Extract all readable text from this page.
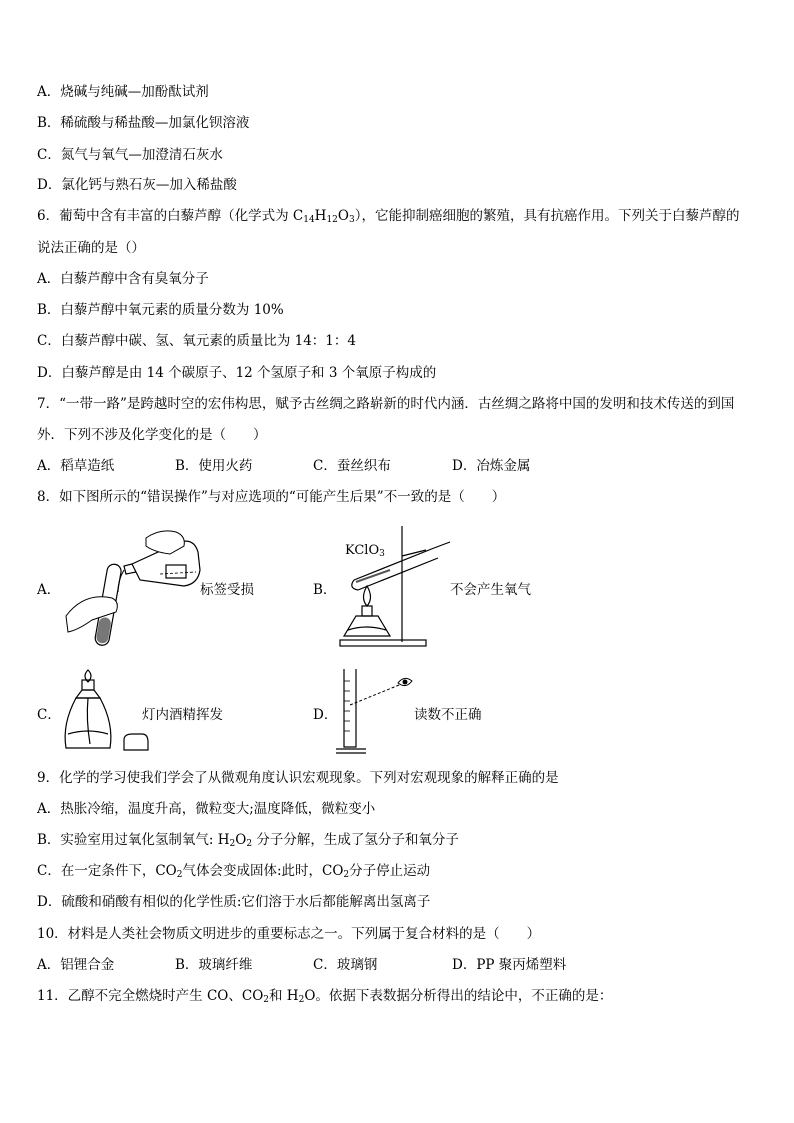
A．烧碱与纯碱—加酚酞试剂
B．稀硫酸与稀盐酸—加氯化钡溶液
C．氮气与氧气—加澄清石灰水
D．氯化钙与熟石灰—加入稀盐酸
6．葡萄中含有丰富的白藜芦醇（化学式为 $C_{14}H_{12}O_3$），它能抑制癌细胞的繁殖，具有抗癌作用。下列关于白藜芦醇的
说法正确的是（）
A．白藜芦醇中含有臭氧分子
B．白藜芦醇中氧元素的质量分数为 10%
C．白藜芦醇中碳、氢、氧元素的质量比为 14：1：4
D．白藜芦醇是由 14 个碳原子、12 个氢原子和 3 个氧原子构成的
7．“一带一路”是跨越时空的宏伟构思，赋予古丝绸之路崭新的时代内涵．古丝绸之路将中国的发明和技术传送的到国
外．下列不涉及化学变化的是（　　）
A．稻草造纸	B．使用火药	C．蚕丝织布	D．冶炼金属
8．如下图所示的“错误操作”与对应选项的“可能产生后果”不一致的是（　　）
A．	标签受损	B．
KClO$_3$
不会产生氧气
C．	灯内酒精挥发	D．	读数不正确
9．化学的学习使我们学会了从微观角度认识宏观现象。下列对宏观现象的解释正确的是
A．热胀冷缩，温度升高，微粒变大;温度降低，微粒变小
B．实验室用过氧化氢制氧气: $H_2O_2$ 分子分解，生成了氢分子和氧分子
C．在一定条件下，$CO_2$气体会变成固体:此时，$CO_2$分子停止运动
D．硫酸和硝酸有相似的化学性质:它们溶于水后都能解离出氢离子
10．材料是人类社会物质文明进步的重要标志之一。下列属于复合材料的是（　　）
A．铝锂合金	B．玻璃纤维	C．玻璃钢	D．PP 聚丙烯塑料
11．乙醇不完全燃烧时产生 CO、$CO_2$和 $H_2O$。依据下表数据分析得出的结论中，不正确的是：
